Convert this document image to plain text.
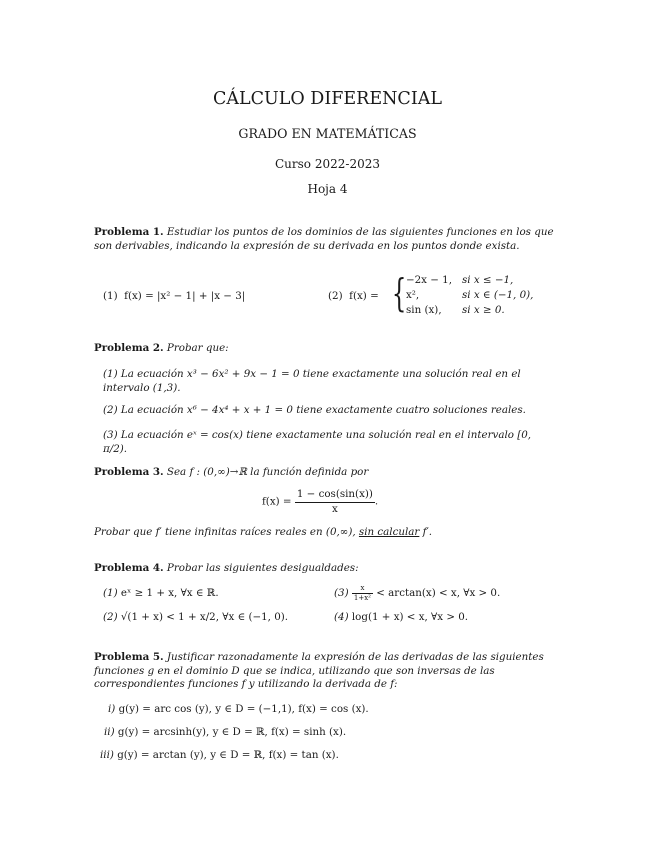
CÁLCULO DIFERENCIAL
GRADO EN MATEMÁTICAS
Curso 2022-2023
Hoja 4
Problema 1. Estudiar los puntos de los dominios de las siguientes funciones en los que son derivables, indicando la expresión de su derivada en los puntos donde exista.
(1) f(x) = |x² − 1| + |x − 3|	(2) f(x) = { −2x − 1, si x ≤ −1,
x²,	si x ∈ (−1, 0),
sin (x), si x ≥ 0.
Problema 2. Probar que:
(1) La ecuación x³ − 6x² + 9x − 1 = 0 tiene exactamente una solución real en el intervalo (1,3).
(2) La ecuación x⁶ − 4x⁴ + x + 1 = 0 tiene exactamente cuatro soluciones reales.
(3) La ecuación eˣ = cos(x) tiene exactamente una solución real en el intervalo [0, π/2).
Problema 3. Sea f : (0,∞)→ℝ la función definida por
$f(x) = \frac{1 - \cos(\sin(x))}{x}$ .
Probar que f′ tiene infinitas raíces reales en (0,∞), sin calcular f′.
Problema 4. Probar las siguientes desigualdades:
(1) eˣ ≥ 1 + x, ∀x ∈ ℝ.
(2) √(1 + x) < 1 + x/2, ∀x ∈ (−1, 0).
$(3) \frac{x}{\text{1+x²}} < \arctan(x) < x$, ∀x > 0.
(4) log(1 + x) < x, ∀x > 0.
Problema 5. Justificar razonadamente la expresión de las derivadas de las siguientes funciones g en el dominio D que se indica, utilizando que son inversas de las correspondientes funciones f y utilizando la derivada de f:
i) g(y) = arc cos (y), y ∈ D = (−1,1), f(x) = cos (x).
ii) g(y) = arcsinh(y), y ∈ D = ℝ, f(x) = sinh (x).
iii) g(y) = arctan (y), y ∈ D = ℝ, f(x) = tan (x).
